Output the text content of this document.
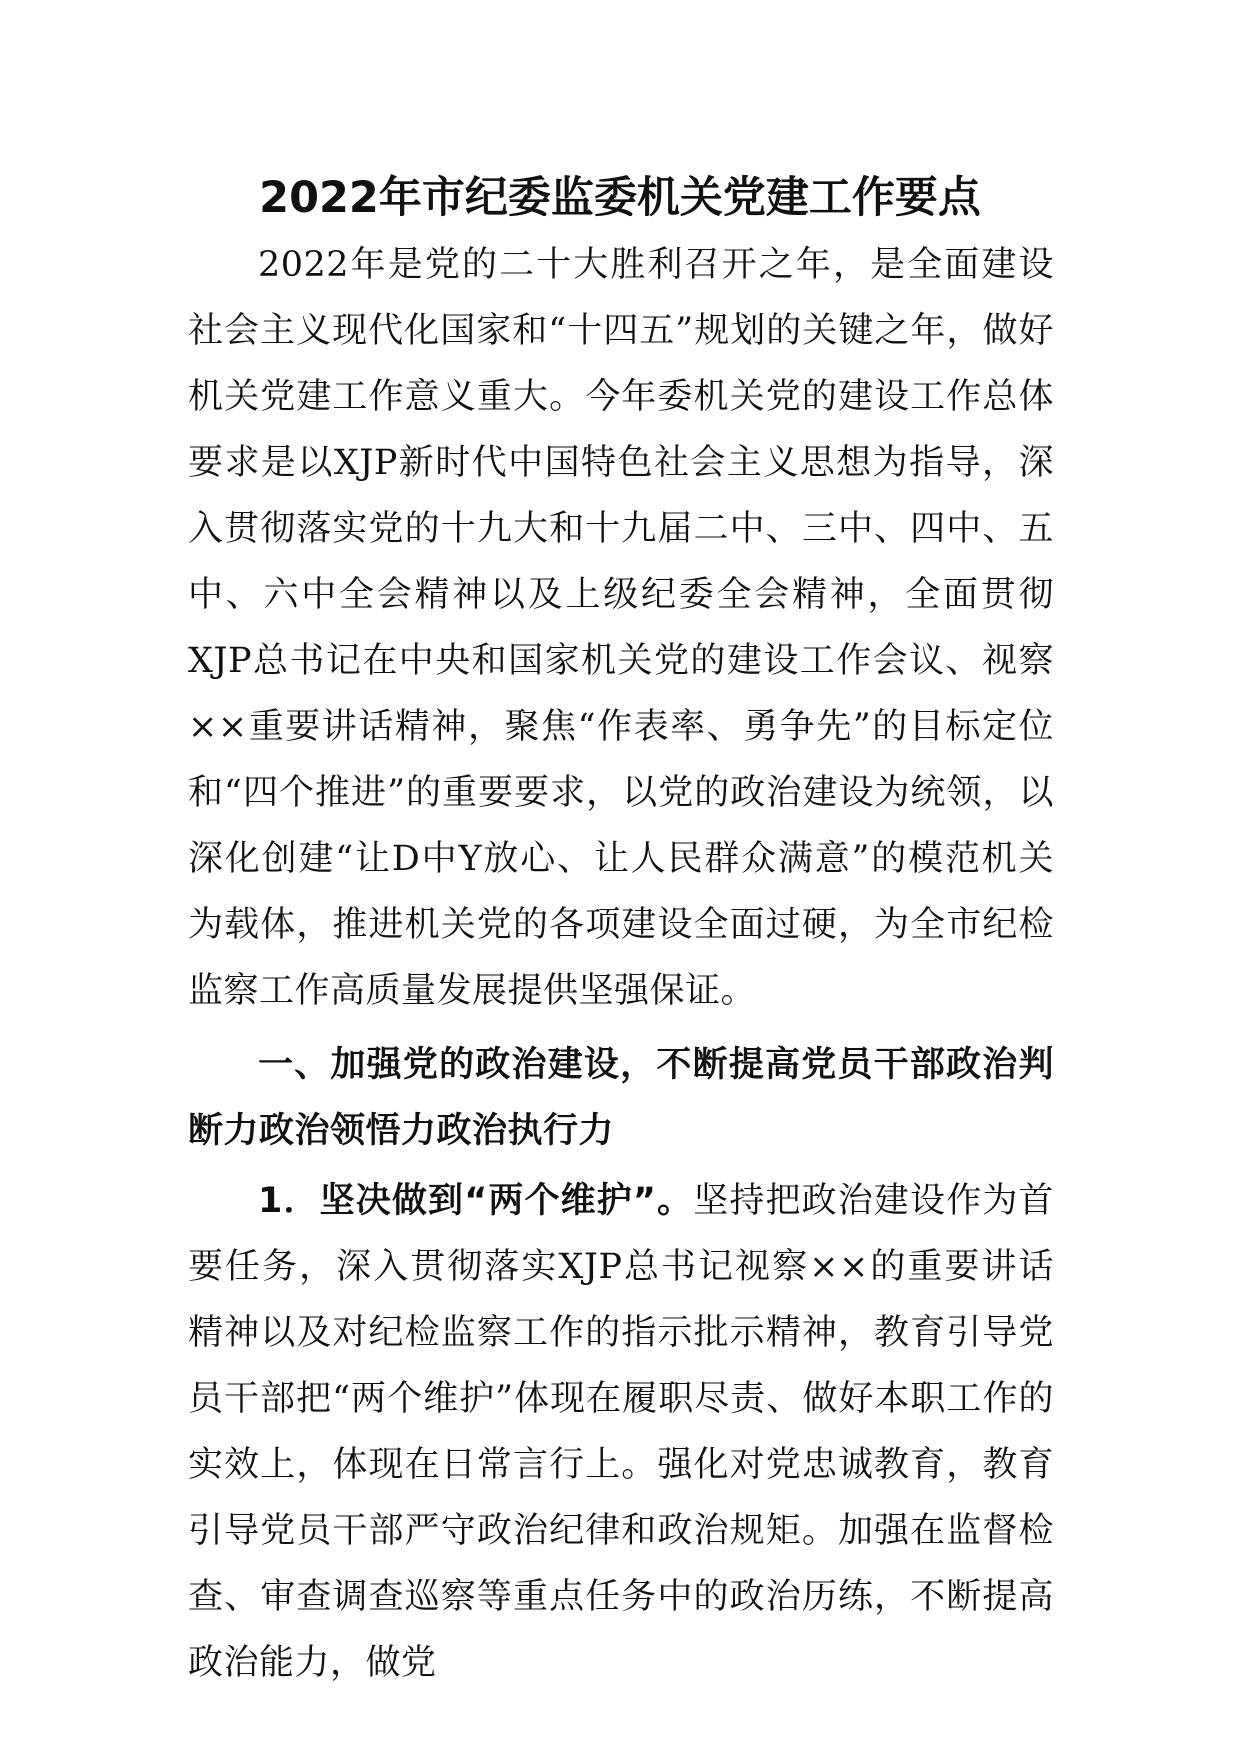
2022年市纪委监委机关党建工作要点

2022年是党的二十大胜利召开之年，是全面建设社会主义现代化国家和“十四五”规划的关键之年，做好机关党建工作意义重大。今年委机关党的建设工作总体要求是以XJP新时代中国特色社会主义思想为指导，深入贯彻落实党的十九大和十九届二中、三中、四中、五中、六中全会精神以及上级纪委全会精神，全面贯彻XJP总书记在中央和国家机关党的建设工作会议、视察××重要讲话精神，聚焦“作表率、勇争先”的目标定位和“四个推进”的重要要求，以党的政治建设为统领，以深化创建“让D中Y放心、让人民群众满意”的模范机关为载体，推进机关党的各项建设全面过硬，为全市纪检监察工作高质量发展提供坚强保证。

一、加强党的政治建设，不断提高党员干部政治判断力政治领悟力政治执行力

1．坚决做到“两个维护”。坚持把政治建设作为首要任务，深入贯彻落实XJP总书记视察××的重要讲话精神以及对纪检监察工作的指示批示精神，教育引导党员干部把“两个维护”体现在履职尽责、做好本职工作的实效上，体现在日常言行上。强化对党忠诚教育，教育引导党员干部严守政治纪律和政治规矩。加强在监督检查、审查调查巡察等重点任务中的政治历练，不断提高政治能力，做党
